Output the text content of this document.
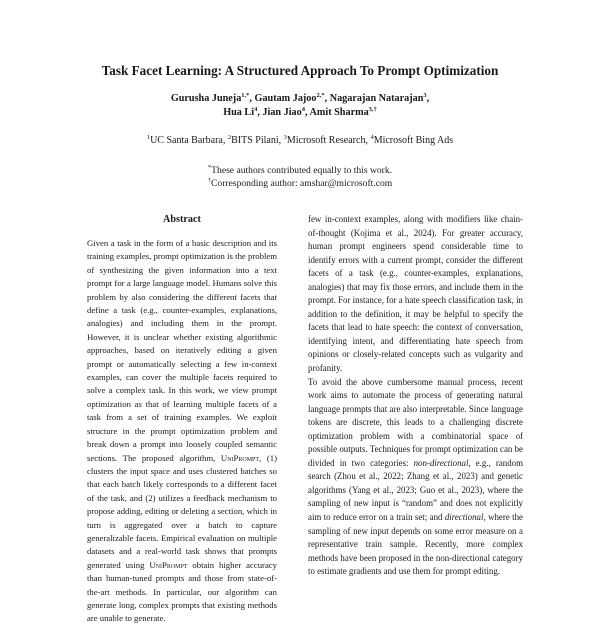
Task Facet Learning: A Structured Approach To Prompt Optimization
Gurusha Juneja$^{1,*}$, Gautam Jajoo$^{2,*}$, Nagarajan Natarajan$^3$,
Hua Li$^4$, Jian Jiao$^4$, Amit Sharma$^{3,\dagger}$
$^1$UC Santa Barbara, $^2$BITS Pilani, $^3$Microsoft Research, $^4$Microsoft Bing Ads
*These authors contributed equally to this work.
†Corresponding author: amshar@microsoft.com
Abstract
Given a task in the form of a basic description and its training examples, prompt optimization is the problem of synthesizing the given information into a text prompt for a large language model. Humans solve this problem by also considering the different facets that define a task (e.g., counter-examples, explanations, analogies) and including them in the prompt. However, it is unclear whether existing algorithmic approaches, based on iteratively editing a given prompt or automatically selecting a few in-context examples, can cover the multiple facets required to solve a complex task. In this work, we view prompt optimization as that of learning multiple facets of a task from a set of training examples. We exploit structure in the prompt optimization problem and break down a prompt into loosely coupled semantic sections. The proposed algorithm, UniPrompt, (1) clusters the input space and uses clustered batches so that each batch likely corresponds to a different facet of the task, and (2) utilizes a feedback mechanism to propose adding, editing or deleting a section, which in turn is aggregated over a batch to capture generalizable facets. Empirical evaluation on multiple datasets and a real-world task shows that prompts generated using UniPrompt obtain higher accuracy than human-tuned prompts and those from state-of-the-art methods. In particular, our algorithm can generate long, complex prompts that existing methods are unable to generate.

few in-context examples, along with modifiers like chain-of-thought (Kojima et al., 2024). For greater accuracy, human prompt engineers spend considerable time to identify errors with a current prompt, consider the different facets of a task (e.g., counter-examples, explanations, analogies) that may fix those errors, and include them in the prompt. For instance, for a hate speech classification task, in addition to the definition, it may be helpful to specify the facets that lead to hate speech: the context of conversation, identifying intent, and differentiating hate speech from opinions or closely-related concepts such as vulgarity and profanity.

To avoid the above cumbersome manual process, recent work aims to automate the process of generating natural language prompts that are also interpretable. Since language tokens are discrete, this leads to a challenging discrete optimization problem with a combinatorial space of possible outputs. Techniques for prompt optimization can be divided in two categories: non-directional, e.g., random search (Zhou et al., 2022; Zhang et al., 2023) and genetic algorithms (Yang et al., 2023; Guo et al., 2023), where the sampling of new input is “random” and does not explicitly aim to reduce error on a train set; and directional, where the sampling of new input depends on some error measure on a representative train sample. Recently, more complex methods have been proposed in the non-directional category to estimate gradients and use them for prompt editing.
